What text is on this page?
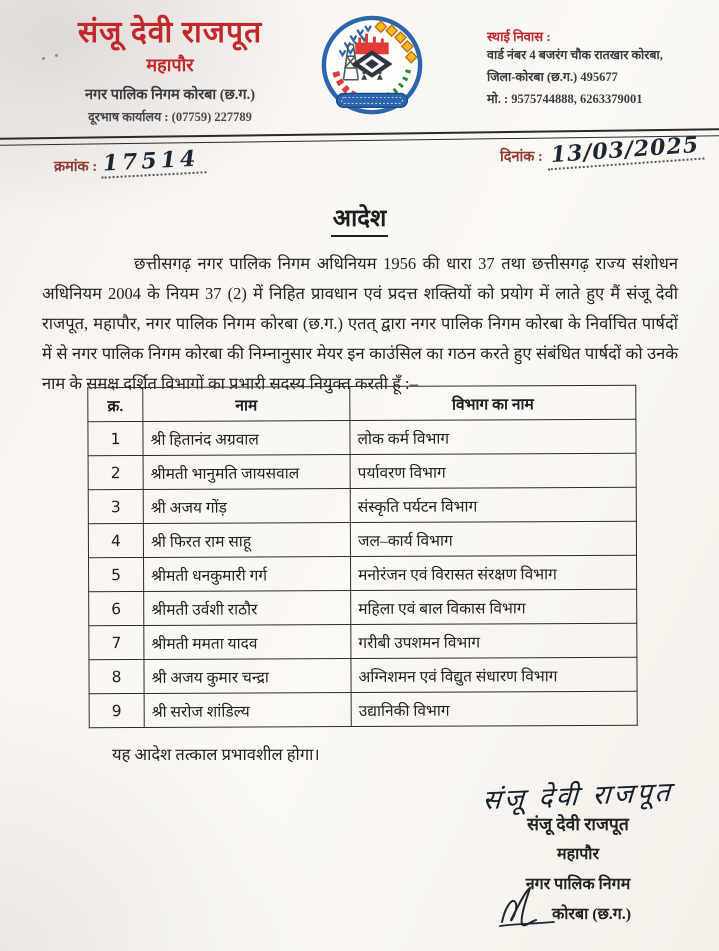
संजू देवी राजपूत
महापौर
नगर पालिक निगम कोरबा (छ.ग.)
दूरभाष कार्यालय : (07759) 227789
स्थाई निवास :
वार्ड नंबर 4 बजरंग चौक रातखार कोरबा,
जिला-कोरबा (छ.ग.) 495677
मो. : 9575744888, 6263379001
क्रमांक : 17514	दिनांक : 13/03/2025
आदेश
छत्तीसगढ़ नगर पालिक निगम अधिनियम 1956 की धारा 37 तथा छत्तीसगढ़ राज्य संशोधन अधिनियम 2004 के नियम 37 (2) में निहित प्रावधान एवं प्रदत्त शक्तियों को प्रयोग में लाते हुए मैं संजू देवी राजपूत, महापौर, नगर पालिक निगम कोरबा (छ.ग.) एतत् द्वारा नगर पालिक निगम कोरबा के निर्वाचित पार्षदों में से नगर पालिक निगम कोरबा की निम्नानुसार मेयर इन काउंसिल का गठन करते हुए संबंधित पार्षदों को उनके नाम के समक्ष दर्शित विभागों का प्रभारी सदस्य नियुक्त करती हूँ :–
क्र.	नाम	विभाग का नाम
1	श्री हितानंद अग्रवाल	लोक कर्म विभाग
2	श्रीमती भानुमति जायसवाल	पर्यावरण विभाग
3	श्री अजय गोंड़	संस्कृति पर्यटन विभाग
4	श्री फिरत राम साहू	जल–कार्य विभाग
5	श्रीमती धनकुमारी गर्ग	मनोरंजन एवं विरासत संरक्षण विभाग
6	श्रीमती उर्वशी राठौर	महिला एवं बाल विकास विभाग
7	श्रीमती ममता यादव	गरीबी उपशमन विभाग
8	श्री अजय कुमार चन्द्रा	अग्निशमन एवं विद्युत संधारण विभाग
9	श्री सरोज शांडिल्य	उद्यानिकी विभाग
यह आदेश तत्काल प्रभावशील होगा।
संजू देवी राजपूत
संजू देवी राजपूत
महापौर
नगर पालिक निगम
कोरबा (छ.ग.)
